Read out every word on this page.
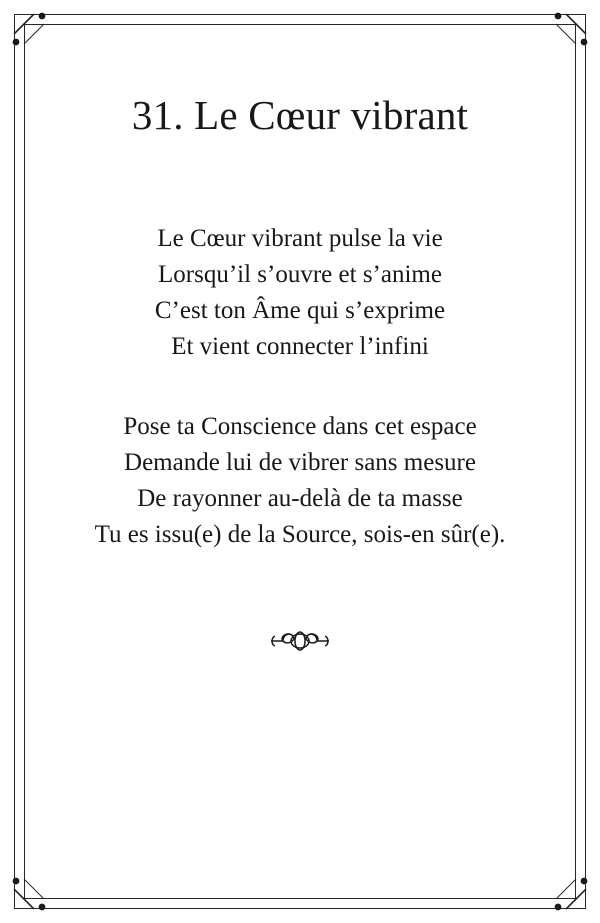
31. Le Cœur vibrant
Le Cœur vibrant pulse la vie
Lorsqu’il s’ouvre et s’anime
C’est ton Âme qui s’exprime
Et vient connecter l’infini
Pose ta Conscience dans cet espace
Demande lui de vibrer sans mesure
De rayonner au-delà de ta masse
Tu es issu(e) de la Source, sois-en sûr(e).
